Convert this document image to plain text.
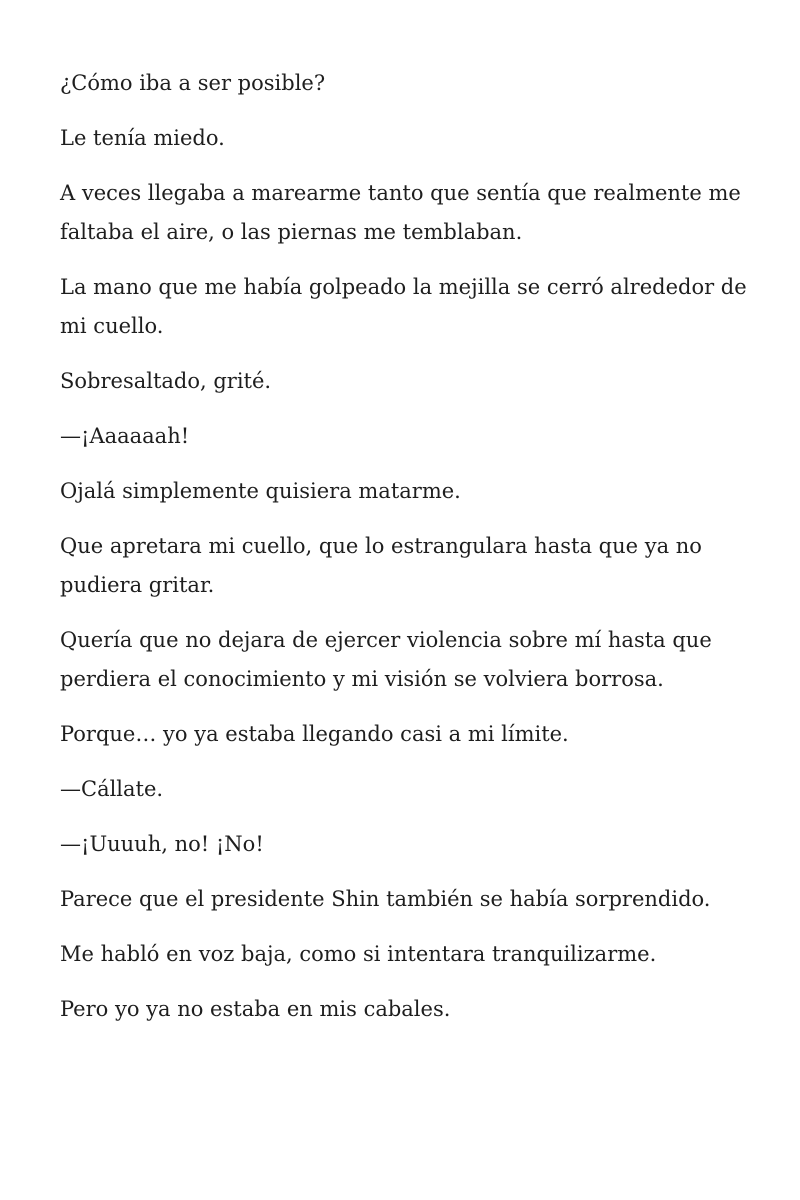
¿Cómo iba a ser posible?

Le tenía miedo.

A veces llegaba a marearme tanto que sentía que realmente me faltaba el aire, o las piernas me temblaban.

La mano que me había golpeado la mejilla se cerró alrededor de mi cuello.

Sobresaltado, grité.

—¡Aaaaaah!

Ojalá simplemente quisiera matarme.

Que apretara mi cuello, que lo estrangulara hasta que ya no pudiera gritar.

Quería que no dejara de ejercer violencia sobre mí hasta que perdiera el conocimiento y mi visión se volviera borrosa.

Porque… yo ya estaba llegando casi a mi límite.

—Cállate.

—¡Uuuuh, no! ¡No!

Parece que el presidente Shin también se había sorprendido.

Me habló en voz baja, como si intentara tranquilizarme.

Pero yo ya no estaba en mis cabales.
